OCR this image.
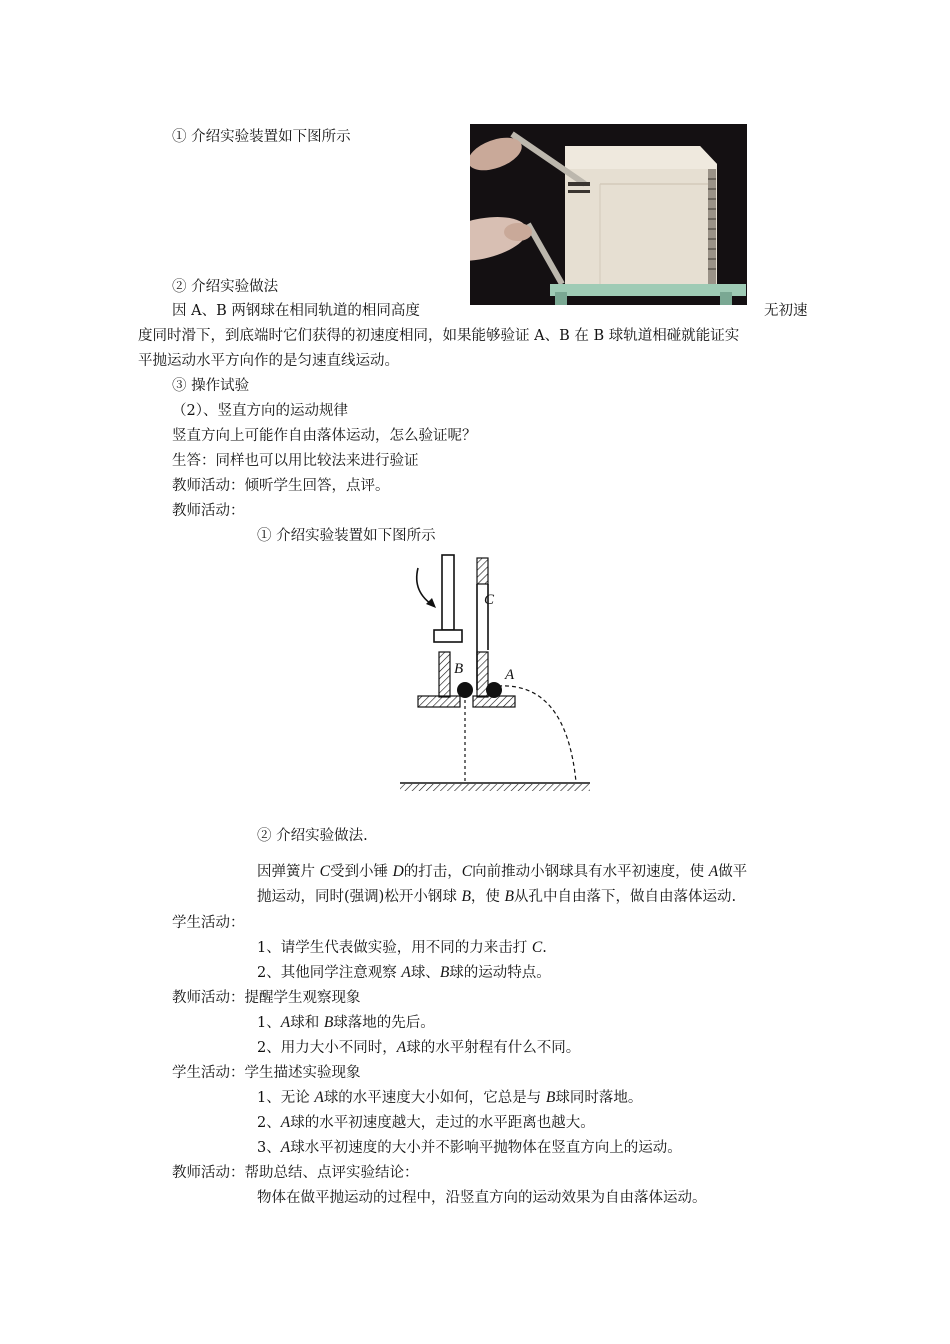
① 介绍实验装置如下图所示
② 介绍实验做法
因 A、B 两钢球在相同轨道的相同高度	无初速
度同时滑下，到底端时它们获得的初速度相同，如果能够验证 A、B 在 B 球轨道相碰就能证实
平抛运动水平方向作的是匀速直线运动。
③ 操作试验
（2）、竖直方向的运动规律
竖直方向上可能作自由落体运动，怎么验证呢？
生答：同样也可以用比较法来进行验证
教师活动：倾听学生回答，点评。
教师活动：
① 介绍实验装置如下图所示
C
B	A
② 介绍实验做法.
因弹簧片 C受到小锤 D的打击，C向前推动小钢球具有水平初速度，使 A做平
抛运动，同时(强调)松开小钢球 B，使 B从孔中自由落下，做自由落体运动.
学生活动：
1、请学生代表做实验，用不同的力来击打 C.
2、其他同学注意观察 A球、B球的运动特点。
教师活动：提醒学生观察现象
1、A球和 B球落地的先后。
2、用力大小不同时，A球的水平射程有什么不同。
学生活动：学生描述实验现象
1、无论 A球的水平速度大小如何，它总是与 B球同时落地。
2、A球的水平初速度越大，走过的水平距离也越大。
3、A球水平初速度的大小并不影响平抛物体在竖直方向上的运动。
教师活动：帮助总结、点评实验结论：
物体在做平抛运动的过程中，沿竖直方向的运动效果为自由落体运动。
